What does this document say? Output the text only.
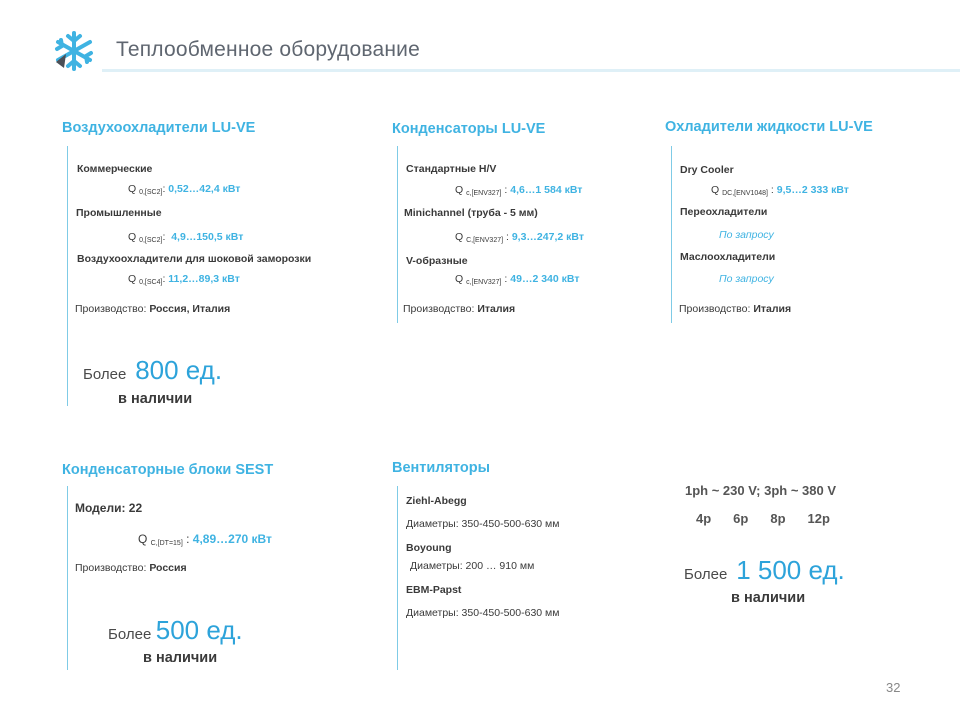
Теплообменное оборудование
Воздухоохладители LU-VE
Коммерческие
Q $_{0,[SC2]}$: 0,52…42,4 кВт
Промышленные
Q $_{0,[SC2]}$:  4,9…150,5 кВт
Воздухоохладители для шоковой заморозки
Q $_{0,[SC4]}$: 11,2…89,3 кВт
Производство: Россия, Италия
Более 800 ед.
в наличии
Конденсаторы LU-VE
Стандартные H/V
Q $_{c,[ENV327]}$ : 4,6…1 584 кВт
Minichannel (труба - 5 мм)
Q $_{C,[ENV327]}$ : 9,3…247,2 кВт
V-образные
Q $_{c,[ENV327]}$ : 49…2 340 кВт
Производство: Италия
Охладители жидкости LU-VE
Dry Cooler
Q $_{DC,[ENV1048]}$ : 9,5…2 333 кВт
Переохладители
По запросу
Маслоохладители
По запросу
Производство: Италия
Конденсаторные блоки SEST
Модели: 22
Q $_{C,[DT=15]}$ : 4,89…270 кВт
Производство: Россия
Более 500 ед.
в наличии
Вентиляторы
Ziehl-Abegg
Диаметры: 350-450-500-630 мм
Boyoung
Диаметры: 200 … 910 мм
EBM-Papst
Диаметры: 350-450-500-630 мм
1ph ~ 230 V; 3ph ~ 380 V
4p 6p 8p 12p
Более 1 500 ед.
в наличии
32
